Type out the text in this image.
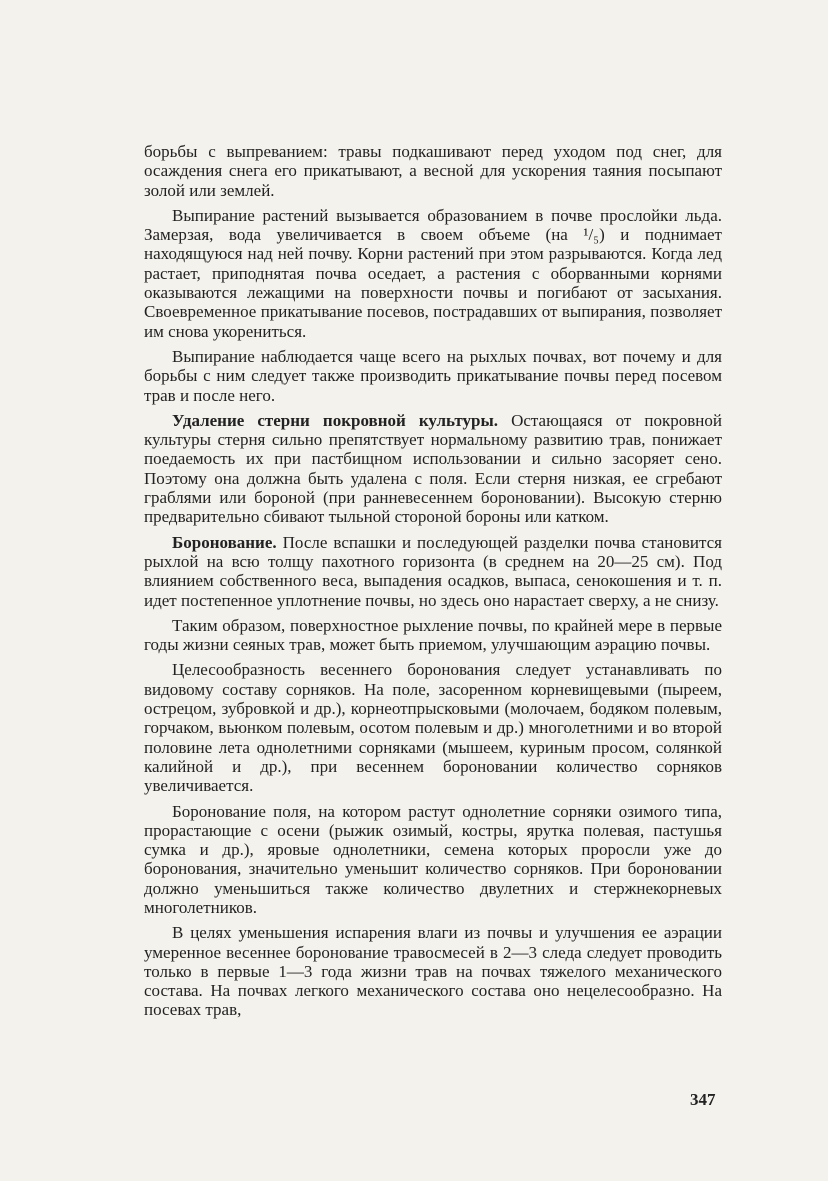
борьбы с выпреванием: травы подкашивают перед уходом под снег, для осаждения снега его прикатывают, а весной для ускорения таяния посыпают золой или землей.

Выпирание растений вызывается образованием в почве прослойки льда. Замерзая, вода увеличивается в своем объеме (на ¹/₅) и поднимает находящуюся над ней почву. Корни растений при этом разрываются. Когда лед растает, приподнятая почва оседает, а растения с оборванными корнями оказываются лежащими на поверхности почвы и погибают от засыхания. Своевременное прикатывание посевов, пострадавших от выпирания, позволяет им снова укорениться.

Выпирание наблюдается чаще всего на рыхлых почвах, вот почему и для борьбы с ним следует также производить прикатывание почвы перед посевом трав и после него.

Удаление стерни покровной культуры. Остающаяся от покровной культуры стерня сильно препятствует нормальному развитию трав, понижает поедаемость их при пастбищном использовании и сильно засоряет сено. Поэтому она должна быть удалена с поля. Если стерня низкая, ее сгребают граблями или бороной (при ранневесеннем бороновании). Высокую стерню предварительно сбивают тыльной стороной бороны или катком.

Боронование. После вспашки и последующей разделки почва становится рыхлой на всю толщу пахотного горизонта (в среднем на 20—25 см). Под влиянием собственного веса, выпадения осадков, выпаса, сенокошения и т. п. идет постепенное уплотнение почвы, но здесь оно нарастает сверху, а не снизу.

Таким образом, поверхностное рыхление почвы, по крайней мере в первые годы жизни сеяных трав, может быть приемом, улучшающим аэрацию почвы.

Целесообразность весеннего боронования следует устанавливать по видовому составу сорняков. На поле, засоренном корневищевыми (пыреем, острецом, зубровкой и др.), корнеотпрысковыми (молочаем, бодяком полевым, горчаком, вьюнком полевым, осотом полевым и др.) многолетними и во второй половине лета однолетними сорняками (мышеем, куриным просом, солянкой калийной и др.), при весеннем бороновании количество сорняков увеличивается.

Боронование поля, на котором растут однолетние сорняки озимого типа, прорастающие с осени (рыжик озимый, костры, ярутка полевая, пастушья сумка и др.), яровые однолетники, семена которых проросли уже до боронования, значительно уменьшит количество сорняков. При бороновании должно уменьшиться также количество двулетних и стержнекорневых многолетников.

В целях уменьшения испарения влаги из почвы и улучшения ее аэрации умеренное весеннее боронование травосмесей в 2—3 следа следует проводить только в первые 1—3 года жизни трав на почвах тяжелого механического состава. На почвах легкого механического состава оно нецелесообразно. На посевах трав,

347
